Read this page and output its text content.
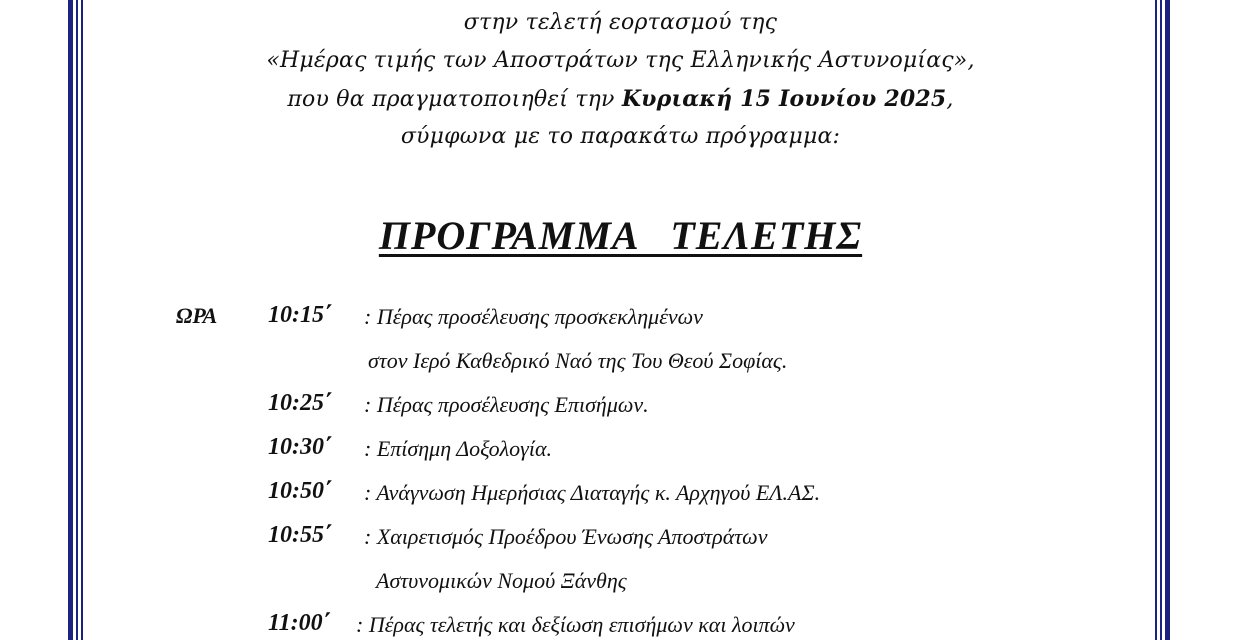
στην τελετή εορτασμού της
«Ημέρας τιμής των Αποστράτων της Ελληνικής Αστυνομίας»,
που θα πραγματοποιηθεί την Κυριακή 15 Ιουνίου 2025,
σύμφωνα με το παρακάτω πρόγραμμα:
ΠΡΟΓΡΑΜΜΑ   ΤΕΛΕΤΗΣ
ΩΡΑ 10:15΄ : Πέρας προσέλευσης προσκεκλημένων
στον Ιερό Καθεδρικό Ναό της Του Θεού Σοφίας.
10:25΄ : Πέρας προσέλευσης Επισήμων.
10:30΄ : Επίσημη Δοξολογία.
10:50΄ : Ανάγνωση Ημερήσιας Διαταγής κ. Αρχηγού ΕΛ.ΑΣ.
10:55΄ : Χαιρετισμός Προέδρου Ένωσης Αποστράτων
Αστυνομικών Νομού Ξάνθης
11:00΄ : Πέρας τελετής και δεξίωση επισήμων και λοιπών
